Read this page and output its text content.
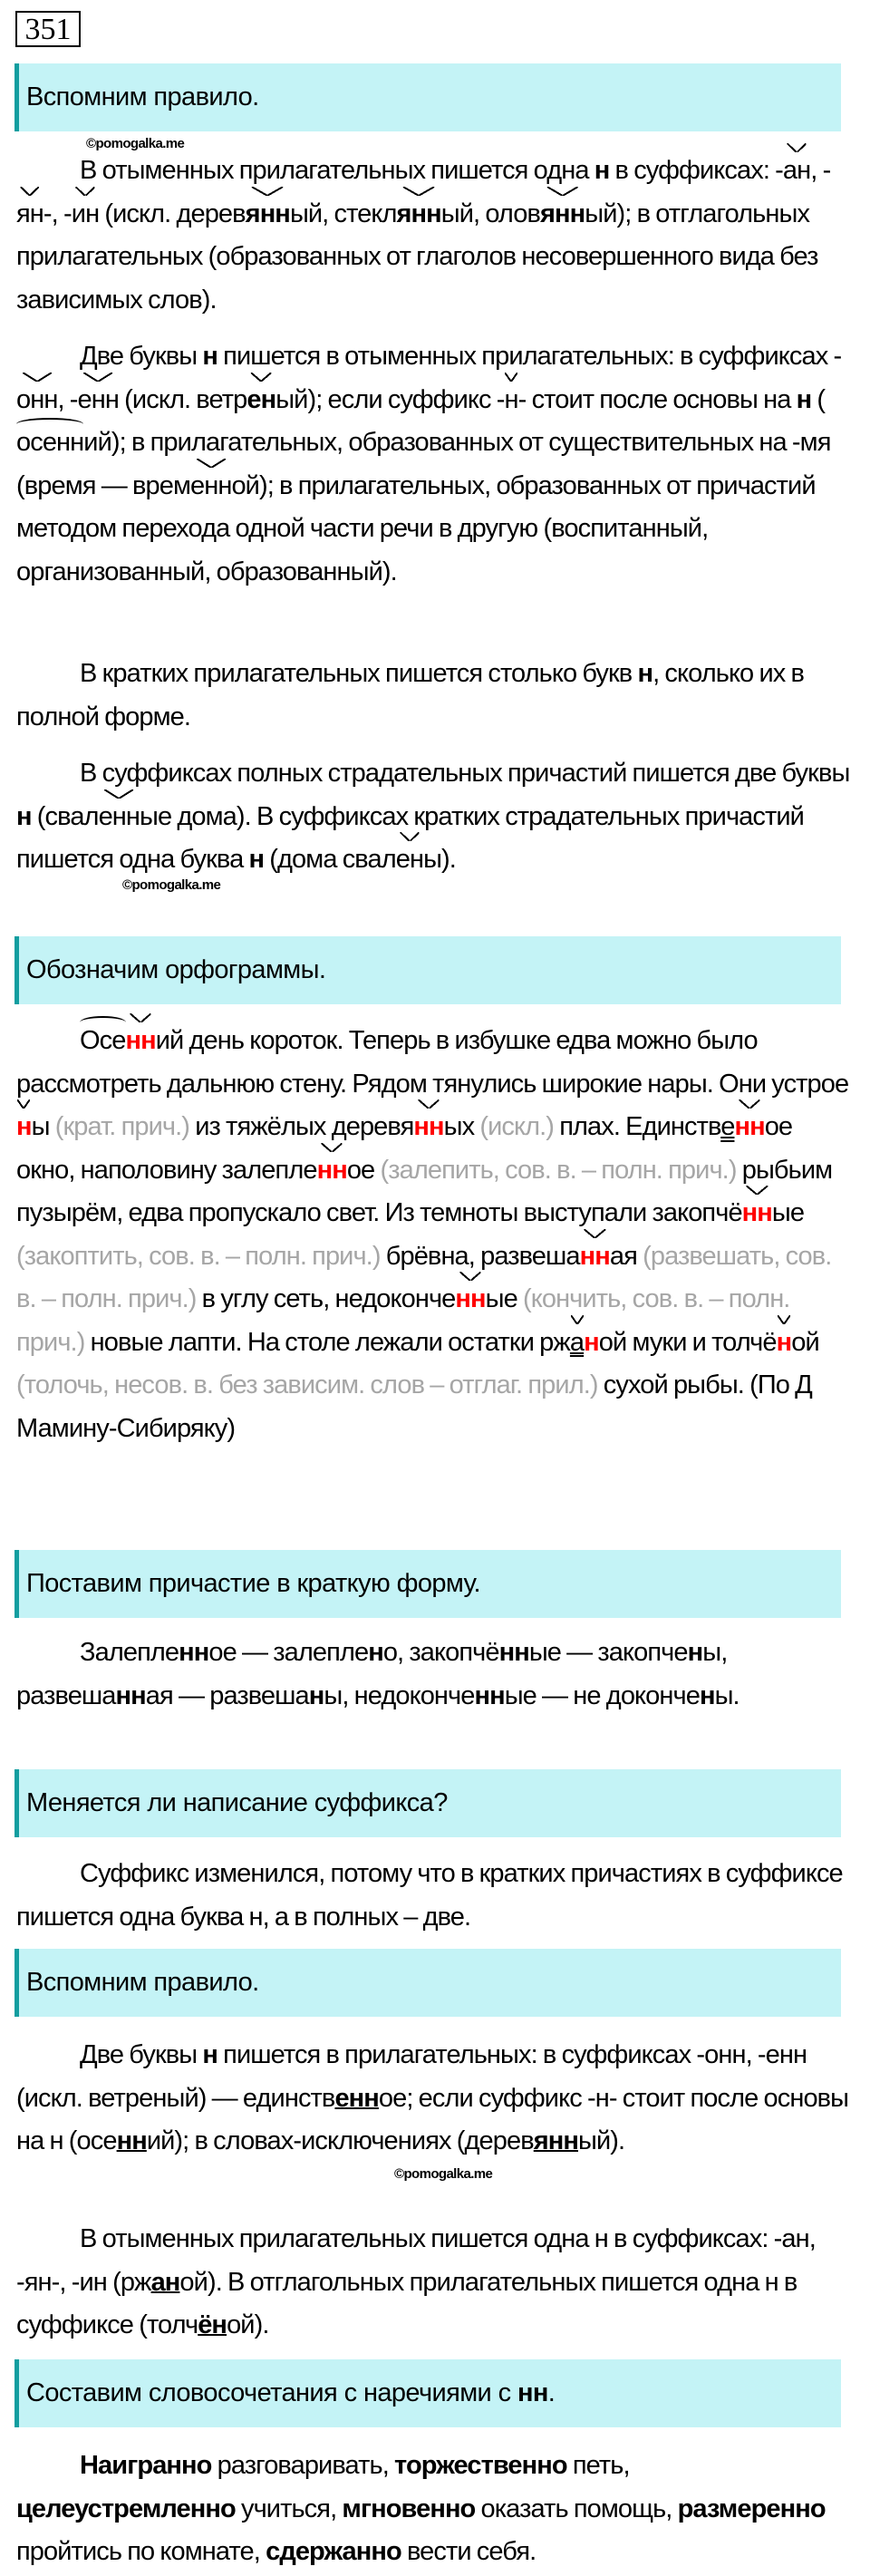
351
Вспомним правило.
©pomogalka.me
В отыменных прилагательных пишется одна н в суффиксах: -ан, -ян-, -ин (искл. деревянный, стеклянный, оловянный); в отглагольных прилагательных (образованных от глаголов несовершенного вида без зависимых слов).
Две буквы н пишется в отыменных прилагательных: в суффиксах -онн, -енн (искл. ветреный); если суффикс -н- стоит после основы на н (осенний); в прилагательных, образованных от существительных на -мя (время — временной); в прилагательных, образованных от причастий методом перехода одной части речи в другую (воспитанный, организованный, образованный).
В кратких прилагательных пишется столько букв н, сколько их в полной форме.
В суффиксах полных страдательных причастий пишется две буквы н (сваленные дома). В суффиксах кратких страдательных причастий пишется одна буква н (дома свалены).
©pomogalka.me
Обозначим орфограммы.
Осенний день короток. Теперь в избушке едва можно было рассмотреть дальнюю стену. Рядом тянулись широкие нары. Они устроены (крат. прич.) из тяжёлых деревянных (искл.) плах. Единственное окно, наполовину залепленное (залепить, сов. в. – полн. прич.) рыбьим пузырём, едва пропускало свет. Из темноты выступали закопчённые (закоптить, сов. в. – полн. прич.) брёвна, развешанная (развешать, сов. в. – полн. прич.) в углу сеть, недоконченные (кончить, сов. в. – полн. прич.) новые лапти. На столе лежали остатки ржаной муки и толчёной (толочь, несов. в. без зависим. слов – отглаг. прил.) сухой рыбы. (По Д Мамину-Сибиряку)
Поставим причастие в краткую форму.
Залепленное — залеплено, закопчённые — закопчены, развешанная — развешаны, недоконченные — не докончены.
Меняется ли написание суффикса?
Суффикс изменился, потому что в кратких причастиях в суффиксе пишется одна буква н, а в полных – две.
Вспомним правило.
Две буквы н пишется в прилагательных: в суффиксах -онн, -енн (искл. ветреный) — единственное; если суффикс -н- стоит после основы на н (осенний); в словах-исключениях (деревянный).
©pomogalka.me
В отыменных прилагательных пишется одна н в суффиксах: -ан, -ян-, -ин (ржаной). В отглагольных прилагательных пишется одна н в суффиксе (толчёной).
Составим словосочетания с наречиями с нн.
Наигранно разговаривать, торжественно петь, целеустремленно учиться, мгновенно оказать помощь, размеренно пройтись по комнате, сдержанно вести себя.
